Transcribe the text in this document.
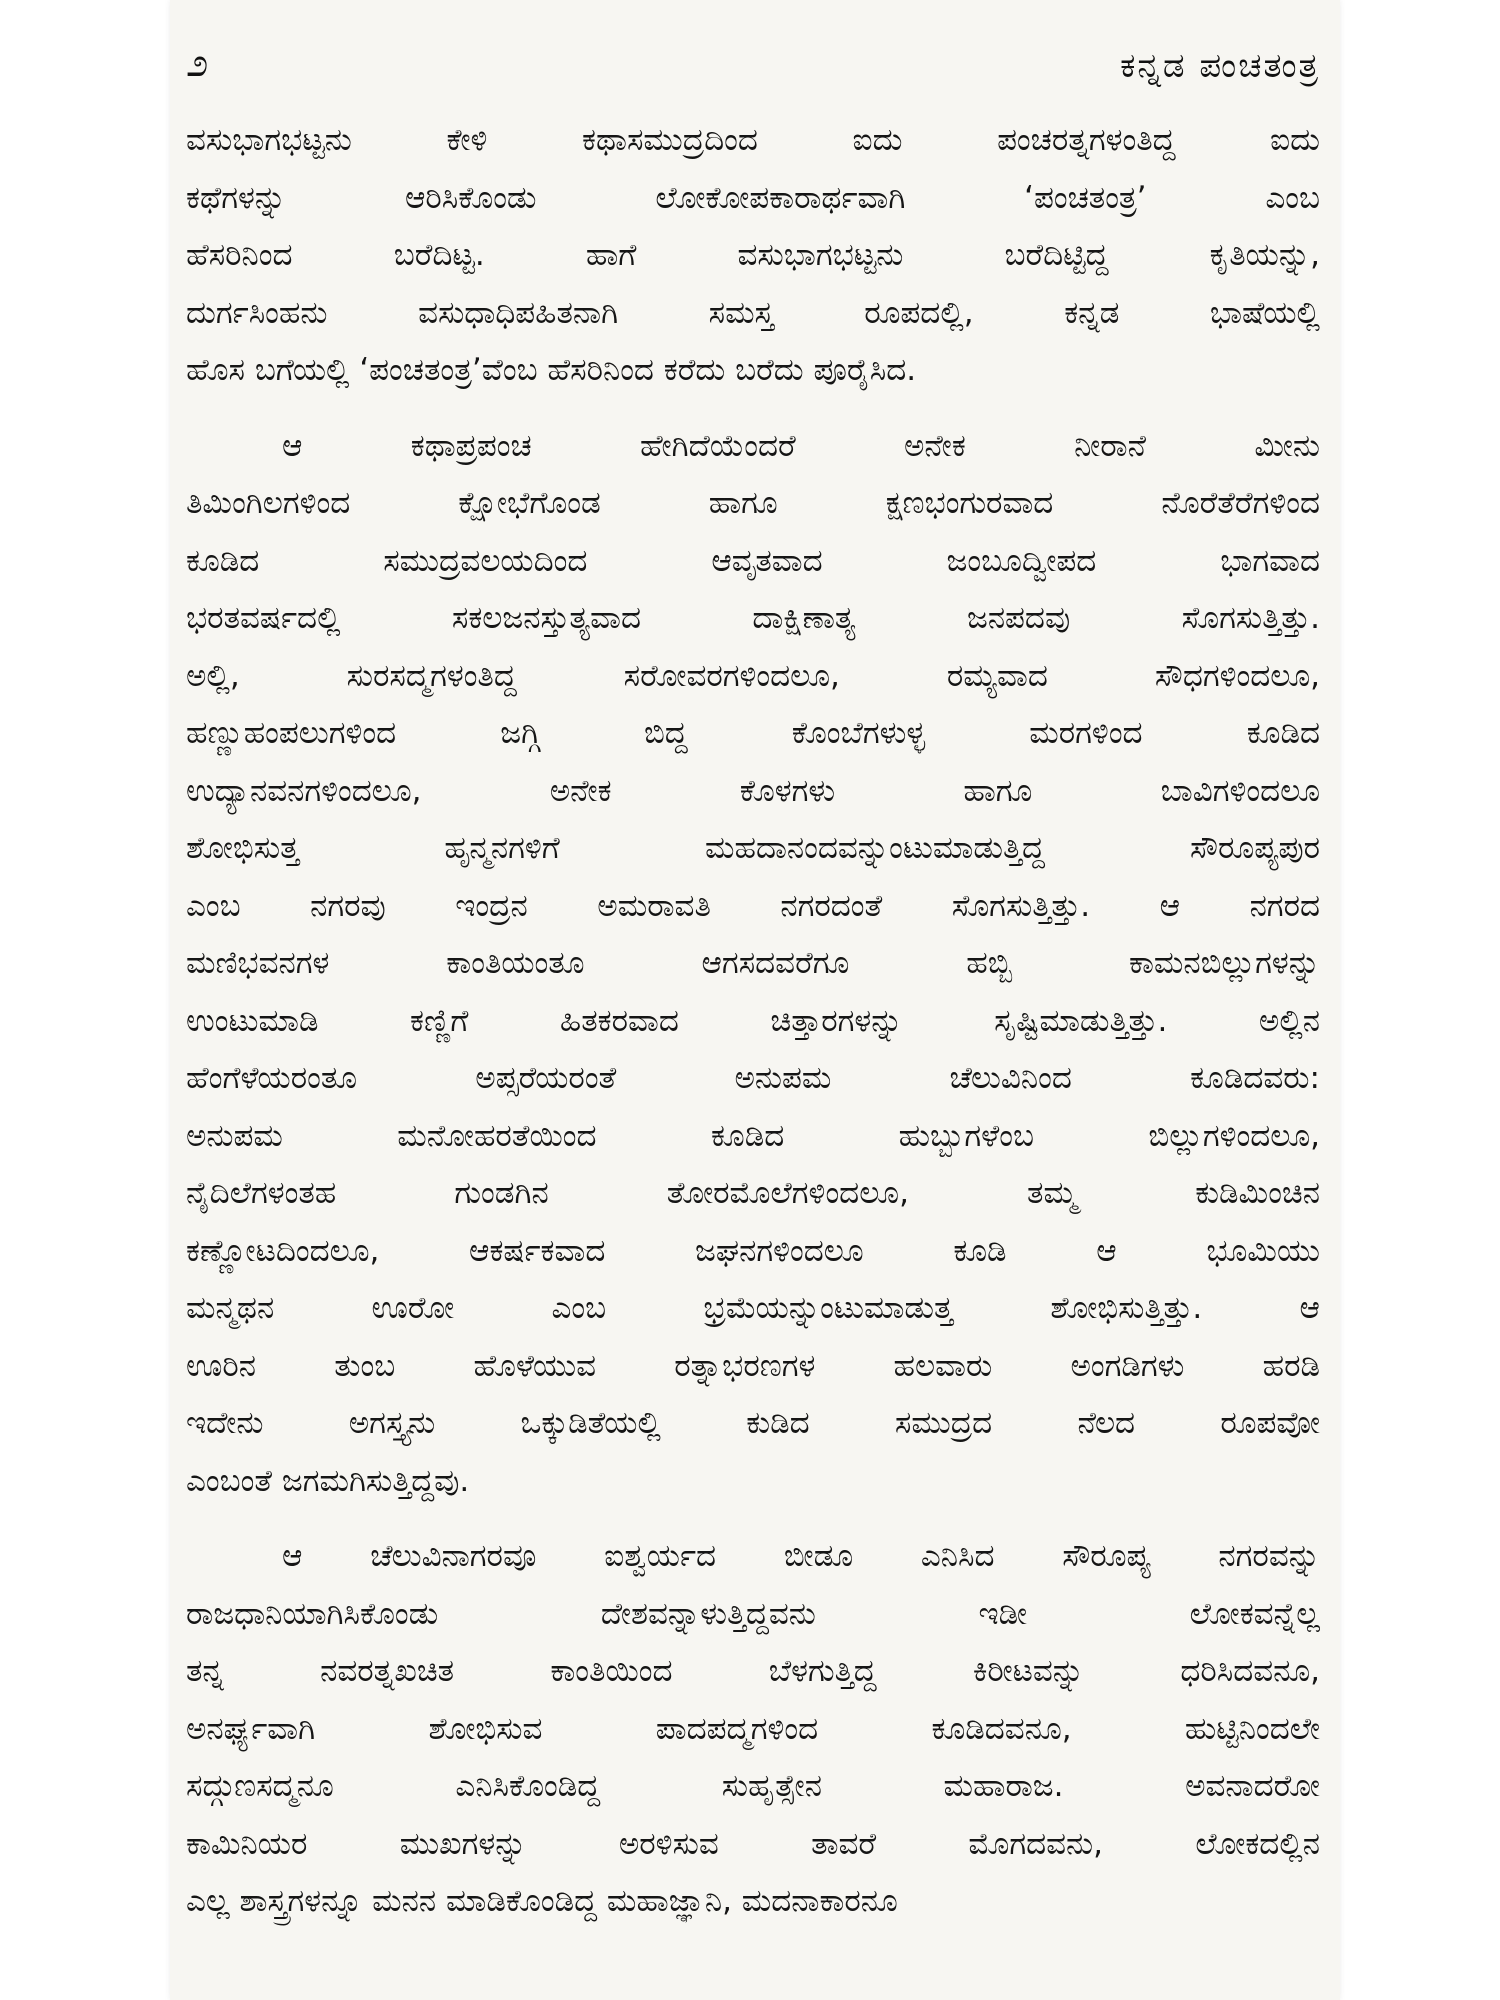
೨	ಕನ್ನಡ ಪಂಚತಂತ್ರ
ವಸುಭಾಗಭಟ್ಟನು ಕೇಳಿ ಕಥಾಸಮುದ್ರದಿಂದ ಐದು ಪಂಚರತ್ನಗಳಂತಿದ್ದ ಐದು
ಕಥೆಗಳನ್ನು ಆರಿಸಿಕೊಂಡು ಲೋಕೋಪಕಾರಾರ್ಥವಾಗಿ ‘ಪಂಚತಂತ್ರ’ ಎಂಬ
ಹೆಸರಿನಿಂದ ಬರೆದಿಟ್ಟ. ಹಾಗೆ ವಸುಭಾಗಭಟ್ಟನು ಬರೆದಿಟ್ಟಿದ್ದ ಕೃತಿಯನ್ನು,
ದುರ್ಗಸಿಂಹನು ವಸುಧಾಧಿಪಹಿತನಾಗಿ ಸಮಸ್ತ ರೂಪದಲ್ಲಿ, ಕನ್ನಡ ಭಾಷೆಯಲ್ಲಿ
ಹೊಸ ಬಗೆಯಲ್ಲಿ ‘ಪಂಚತಂತ್ರ’ವೆಂಬ ಹೆಸರಿನಿಂದ ಕರೆದು ಬರೆದು ಪೂರೈಸಿದ.
ಆ ಕಥಾಪ್ರಪಂಚ ಹೇಗಿದೆಯೆಂದರೆ ಅನೇಕ ನೀರಾನೆ ಮೀನು
ತಿಮಿಂಗಿಲಗಳಿಂದ ಕ್ಷೋಭೆಗೊಂಡ ಹಾಗೂ ಕ್ಷಣಭಂಗುರವಾದ ನೊರೆತೆರೆಗಳಿಂದ
ಕೂಡಿದ ಸಮುದ್ರವಲಯದಿಂದ ಆವೃತವಾದ ಜಂಬೂದ್ವೀಪದ ಭಾಗವಾದ
ಭರತವರ್ಷದಲ್ಲಿ ಸಕಲಜನಸ್ತುತ್ಯವಾದ ದಾಕ್ಷಿಣಾತ್ಯ ಜನಪದವು ಸೊಗಸುತ್ತಿತ್ತು.
ಅಲ್ಲಿ, ಸುರಸದ್ಮಗಳಂತಿದ್ದ ಸರೋವರಗಳಿಂದಲೂ, ರಮ್ಯವಾದ ಸೌಧಗಳಿಂದಲೂ,
ಹಣ್ಣುಹಂಪಲುಗಳಿಂದ ಜಗ್ಗಿ ಬಿದ್ದ ಕೊಂಬೆಗಳುಳ್ಳ ಮರಗಳಿಂದ ಕೂಡಿದ
ಉದ್ಯಾನವನಗಳಿಂದಲೂ, ಅನೇಕ ಕೊಳಗಳು ಹಾಗೂ ಬಾವಿಗಳಿಂದಲೂ
ಶೋಭಿಸುತ್ತ ಹೃನ್ಮನಗಳಿಗೆ ಮಹದಾನಂದವನ್ನುಂಟುಮಾಡುತ್ತಿದ್ದ ಸೌರೂಪ್ಯಪುರ
ಎಂಬ ನಗರವು ಇಂದ್ರನ ಅಮರಾವತಿ ನಗರದಂತೆ ಸೊಗಸುತ್ತಿತ್ತು. ಆ ನಗರದ
ಮಣಿಭವನಗಳ ಕಾಂತಿಯಂತೂ ಆಗಸದವರೆಗೂ ಹಬ್ಬಿ ಕಾಮನಬಿಲ್ಲುಗಳನ್ನು
ಉಂಟುಮಾಡಿ ಕಣ್ಣಿಗೆ ಹಿತಕರವಾದ ಚಿತ್ತಾರಗಳನ್ನು ಸೃಷ್ಟಿಮಾಡುತ್ತಿತ್ತು. ಅಲ್ಲಿನ
ಹೆಂಗೆಳೆಯರಂತೂ ಅಪ್ಸರೆಯರಂತೆ ಅನುಪಮ ಚೆಲುವಿನಿಂದ ಕೂಡಿದವರು:
ಅನುಪಮ ಮನೋಹರತೆಯಿಂದ ಕೂಡಿದ ಹುಬ್ಬುಗಳೆಂಬ ಬಿಲ್ಲುಗಳಿಂದಲೂ,
ನೈದಿಲೆಗಳಂತಹ ಗುಂಡಗಿನ ತೋರಮೊಲೆಗಳಿಂದಲೂ, ತಮ್ಮ ಕುಡಿಮಿಂಚಿನ
ಕಣ್ಣೋಟದಿಂದಲೂ, ಆಕರ್ಷಕವಾದ ಜಘನಗಳಿಂದಲೂ ಕೂಡಿ ಆ ಭೂಮಿಯು
ಮನ್ಮಥನ ಊರೋ ಎಂಬ ಭ್ರಮೆಯನ್ನುಂಟುಮಾಡುತ್ತ ಶೋಭಿಸುತ್ತಿತ್ತು. ಆ
ಊರಿನ ತುಂಬ ಹೊಳೆಯುವ ರತ್ನಾಭರಣಗಳ ಹಲವಾರು ಅಂಗಡಿಗಳು ಹರಡಿ
ಇದೇನು ಅಗಸ್ತ್ಯನು ಒಕ್ಕುಡಿತೆಯಲ್ಲಿ ಕುಡಿದ ಸಮುದ್ರದ ನೆಲದ ರೂಪವೋ
ಎಂಬಂತೆ ಜಗಮಗಿಸುತ್ತಿದ್ದವು.
ಆ ಚೆಲುವಿನಾಗರವೂ ಐಶ್ವರ್ಯದ ಬೀಡೂ ಎನಿಸಿದ ಸೌರೂಪ್ಯ ನಗರವನ್ನು
ರಾಜಧಾನಿಯಾಗಿಸಿಕೊಂಡು ದೇಶವನ್ನಾಳುತ್ತಿದ್ದವನು ಇಡೀ ಲೋಕವನ್ನೆಲ್ಲ
ತನ್ನ ನವರತ್ನಖಚಿತ ಕಾಂತಿಯಿಂದ ಬೆಳಗುತ್ತಿದ್ದ ಕಿರೀಟವನ್ನು ಧರಿಸಿದವನೂ,
ಅನರ್ಘ್ಯವಾಗಿ ಶೋಭಿಸುವ ಪಾದಪದ್ಮಗಳಿಂದ ಕೂಡಿದವನೂ, ಹುಟ್ಟಿನಿಂದಲೇ
ಸದ್ಗುಣಸದ್ಮನೂ ಎನಿಸಿಕೊಂಡಿದ್ದ ಸುಹೃತ್ಸೇನ ಮಹಾರಾಜ. ಅವನಾದರೋ
ಕಾಮಿನಿಯರ ಮುಖಗಳನ್ನು ಅರಳಿಸುವ ತಾವರೆ ಮೊಗದವನು, ಲೋಕದಲ್ಲಿನ
ಎಲ್ಲ ಶಾಸ್ತ್ರಗಳನ್ನೂ ಮನನ ಮಾಡಿಕೊಂಡಿದ್ದ ಮಹಾಜ್ಞಾನಿ, ಮದನಾಕಾರನೂ
